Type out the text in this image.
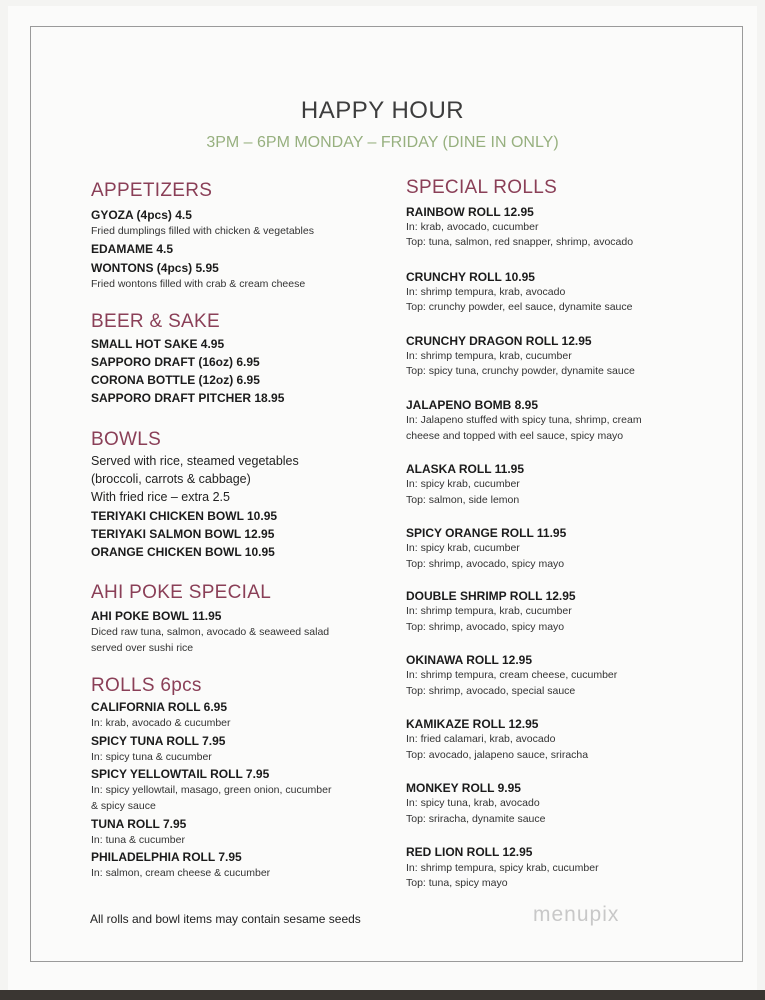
HAPPY HOUR
3PM – 6PM MONDAY – FRIDAY (DINE IN ONLY)
APPETIZERS
GYOZA (4pcs) 4.5
Fried dumplings filled with chicken & vegetables
EDAMAME 4.5
WONTONS (4pcs) 5.95
Fried wontons filled with crab & cream cheese
BEER & SAKE
SMALL HOT SAKE 4.95
SAPPORO DRAFT (16oz) 6.95
CORONA BOTTLE (12oz) 6.95
SAPPORO DRAFT PITCHER 18.95
BOWLS
Served with rice, steamed vegetables
(broccoli, carrots & cabbage)
With fried rice – extra 2.5
TERIYAKI CHICKEN BOWL 10.95
TERIYAKI SALMON BOWL 12.95
ORANGE CHICKEN BOWL 10.95
AHI POKE SPECIAL
AHI POKE BOWL 11.95
Diced raw tuna, salmon, avocado & seaweed salad
served over sushi rice
ROLLS 6pcs
CALIFORNIA ROLL 6.95
In: krab, avocado & cucumber
SPICY TUNA ROLL 7.95
In: spicy tuna & cucumber
SPICY YELLOWTAIL ROLL 7.95
In: spicy yellowtail, masago, green onion, cucumber
& spicy sauce
TUNA ROLL 7.95
In: tuna & cucumber
PHILADELPHIA ROLL 7.95
In: salmon, cream cheese & cucumber
SPECIAL ROLLS
RAINBOW ROLL 12.95
In: krab, avocado, cucumber
Top: tuna, salmon, red snapper, shrimp, avocado
CRUNCHY ROLL 10.95
In: shrimp tempura, krab, avocado
Top: crunchy powder, eel sauce, dynamite sauce
CRUNCHY DRAGON ROLL 12.95
In: shrimp tempura, krab, cucumber
Top: spicy tuna, crunchy powder, dynamite sauce
JALAPENO BOMB 8.95
In: Jalapeno stuffed with spicy tuna, shrimp, cream
cheese and topped with eel sauce, spicy mayo
ALASKA ROLL 11.95
In: spicy krab, cucumber
Top: salmon, side lemon
SPICY ORANGE ROLL 11.95
In: spicy krab, cucumber
Top: shrimp, avocado, spicy mayo
DOUBLE SHRIMP ROLL 12.95
In: shrimp tempura, krab, cucumber
Top: shrimp, avocado, spicy mayo
OKINAWA ROLL 12.95
In: shrimp tempura, cream cheese, cucumber
Top: shrimp, avocado, special sauce
KAMIKAZE ROLL 12.95
In: fried calamari, krab, avocado
Top: avocado, jalapeno sauce, sriracha
MONKEY ROLL 9.95
In: spicy tuna, krab, avocado
Top: sriracha, dynamite sauce
RED LION ROLL 12.95
In: shrimp tempura, spicy krab, cucumber
Top: tuna, spicy mayo
All rolls and bowl items may contain sesame seeds	menupix
